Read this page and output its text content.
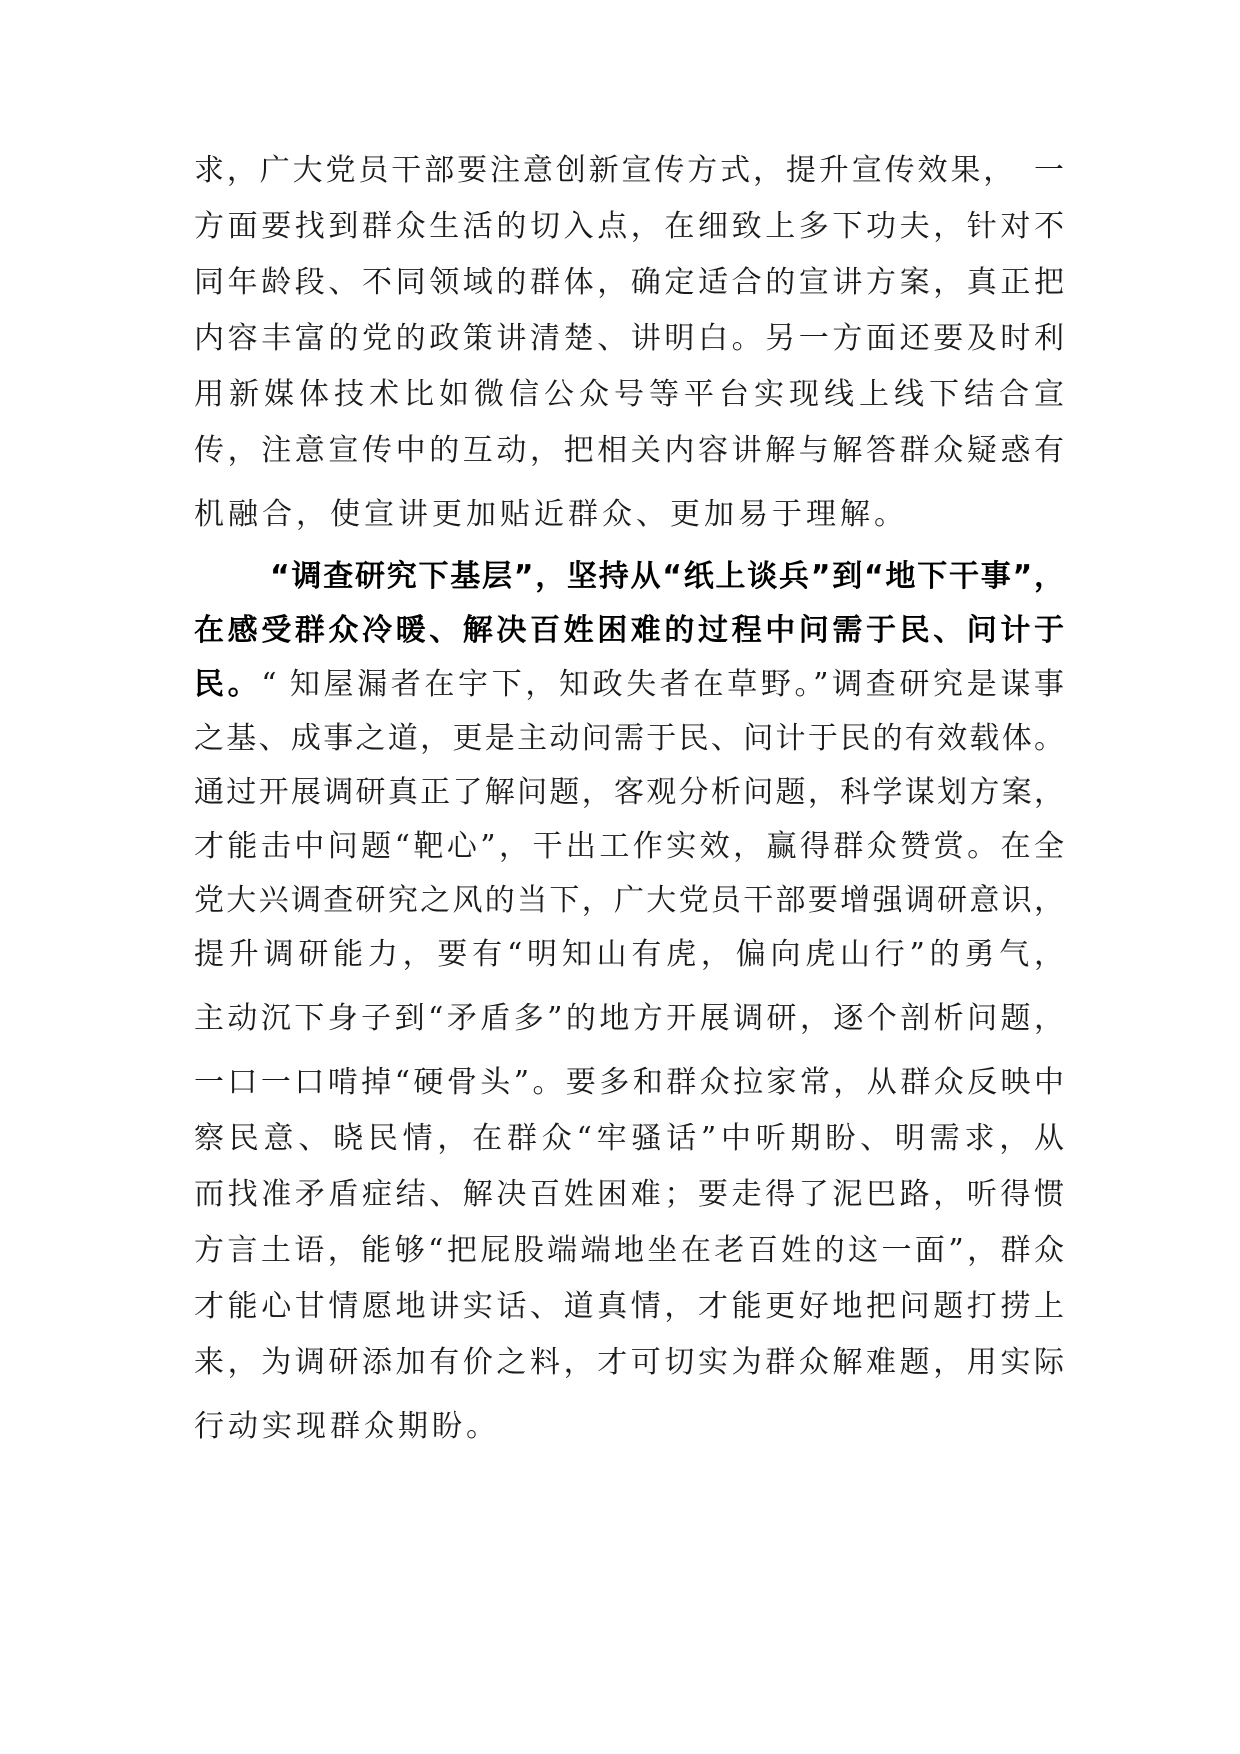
求，广大党员干部要注意创新宣传方式，提升宣传效果，　一
方面要找到群众生活的切入点，在细致上多下功夫，针对不
同年龄段、不同领域的群体，确定适合的宣讲方案，真正把
内容丰富的党的政策讲清楚、讲明白。另一方面还要及时利
用新媒体技术比如微信公众号等平台实现线上线下结合宣
传，注意宣传中的互动，把相关内容讲解与解答群众疑惑有
机融合，使宣讲更加贴近群众、更加易于理解。
“调查研究下基层”，坚持从“纸上谈兵”到“地下干事”，
在感受群众冷暖、解决百姓困难的过程中问需于民、问计于
民。“ 知屋漏者在宇下，知政失者在草野。”调查研究是谋事
之基、成事之道，更是主动问需于民、问计于民的有效载体。
通过开展调研真正了解问题，客观分析问题，科学谋划方案，
才能击中问题“靶心”，干出工作实效，赢得群众赞赏。在全
党大兴调查研究之风的当下，广大党员干部要增强调研意识，
提升调研能力，要有“明知山有虎，偏向虎山行”的勇气，
主动沉下身子到“矛盾多”的地方开展调研，逐个剖析问题，
一口一口啃掉“硬骨头”。要多和群众拉家常，从群众反映中
察民意、晓民情，在群众“牢骚话”中听期盼、明需求，从
而找准矛盾症结、解决百姓困难；要走得了泥巴路，听得惯
方言土语，能够“把屁股端端地坐在老百姓的这一面”，群众
才能心甘情愿地讲实话、道真情，才能更好地把问题打捞上
来，为调研添加有价之料，才可切实为群众解难题，用实际
行动实现群众期盼。
